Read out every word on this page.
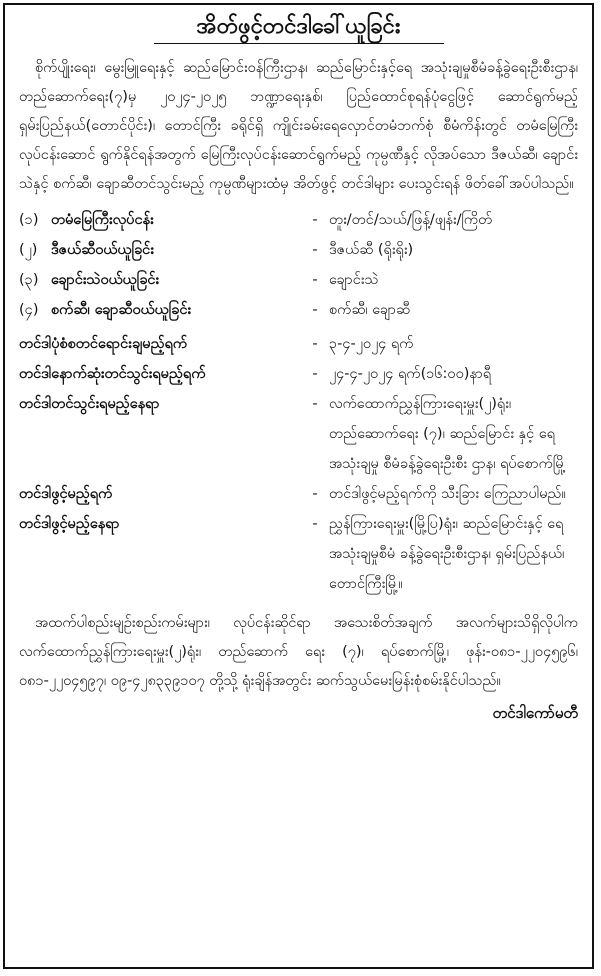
အိတ်ဖွင့်တင်ဒါခေါ်ယူခြင်း

စိုက်ပျိုးရေး၊ မွေးမြူရေးနှင့် ဆည်မြောင်းဝန်ကြီးဌာန၊ ဆည်မြောင်းနှင့်ရေ အသုံးချမှုစီမံခန့်ခွဲရေးဦးစီးဌာန၊ တည်ဆောက်ရေး(၇)မှ ၂၀၂၄-၂၀၂၅ ဘဏ္ဍာရေးနှစ်၊ ပြည်ထောင်စုရန်ပုံငွေဖြင့် ဆောင်ရွက်မည့် ရှမ်းပြည်နယ်(တောင်ပိုင်း)၊ တောင်ကြီး ခရိုင်ရှိ ကျိုင်းခမ်းရေလှောင်တမံဘက်စုံ စီမံကိန်းတွင် တမံမြေကြီးလုပ်ငန်းဆောင် ရွက်နိုင်ရန်အတွက် မြေကြီးလုပ်ငန်းဆောင်ရွက်မည့် ကုမ္ပဏီနှင့် လိုအပ်သော ဒီဇယ်ဆီ၊ ချောင်းသဲနှင့် စက်ဆီ၊ ချောဆီတင်သွင်းမည့် ကုမ္ပဏီများထံမှ အိတ်ဖွင့် တင်ဒါများ ပေးသွင်းရန် ဖိတ်ခေါ်အပ်ပါသည်။

(၁) တမံမြေကြီးလုပ်ငန်း	- တူး/တင်/သယ်/ဖြန့်/ဖျန်း/ကြိတ်
(၂) ဒီဇယ်ဆီဝယ်ယူခြင်း	- ဒီဇယ်ဆီ (ရိုးရိုး)
(၃) ချောင်းသဲဝယ်ယူခြင်း	- ချောင်းသဲ
(၄) စက်ဆီ၊ ချောဆီဝယ်ယူခြင်း	- စက်ဆီ၊ ချောဆီ
တင်ဒါပုံစံစတင်ရောင်းချမည့်ရက်	- ၃-၄-၂၀၂၄ ရက်
တင်ဒါနောက်ဆုံးတင်သွင်းရမည့်ရက်	- ၂၄-၄-၂၀၂၄ ရက်(၁၆:၀၀)နာရီ
တင်ဒါတင်သွင်းရမည့်နေရာ	- လက်ထောက်ညွှန်ကြားရေးမှူး(၂)ရုံး၊ တည်ဆောက်ရေး (၇)၊ ဆည်မြောင်း နှင့် ရေအသုံးချမှု စီမံခန့်ခွဲရေးဦးစီး ဌာန၊ ရပ်စောက်မြို့
တင်ဒါဖွင့်မည့်ရက်	- တင်ဒါဖွင့်မည့်ရက်ကို သီးခြား ကြေညာပါမည်။
တင်ဒါဖွင့်မည့်နေရာ	- ညွှန်ကြားရေးမှူး(မြို့ပြ)ရုံး၊ ဆည်မြောင်းနှင့် ရေအသုံးချမှုစီမံ ခန့်ခွဲရေးဦးစီးဌာန၊ ရှမ်းပြည်နယ်၊ တောင်ကြီးမြို့။

အထက်ပါစည်းမျဉ်းစည်းကမ်းများ၊ လုပ်ငန်းဆိုင်ရာ အသေးစိတ်အချက် အလက်များသိရှိလိုပါက လက်ထောက်ညွှန်ကြားရေးမှူး(၂)ရုံး၊ တည်ဆောက် ရေး (၇)၊ ရပ်စောက်မြို့၊ ဖုန်း-၀၈၁-၂၂၀၄၅၉၆၊ ၀၈၁-၂၂၀၄၅၉၇၊ ၀၉-၄၂၈၃၃၉၁၀၇ တို့သို့ ရုံးချိန်အတွင်း ဆက်သွယ်မေးမြန်းစုံစမ်းနိုင်ပါသည်။

တင်ဒါကော်မတီ
